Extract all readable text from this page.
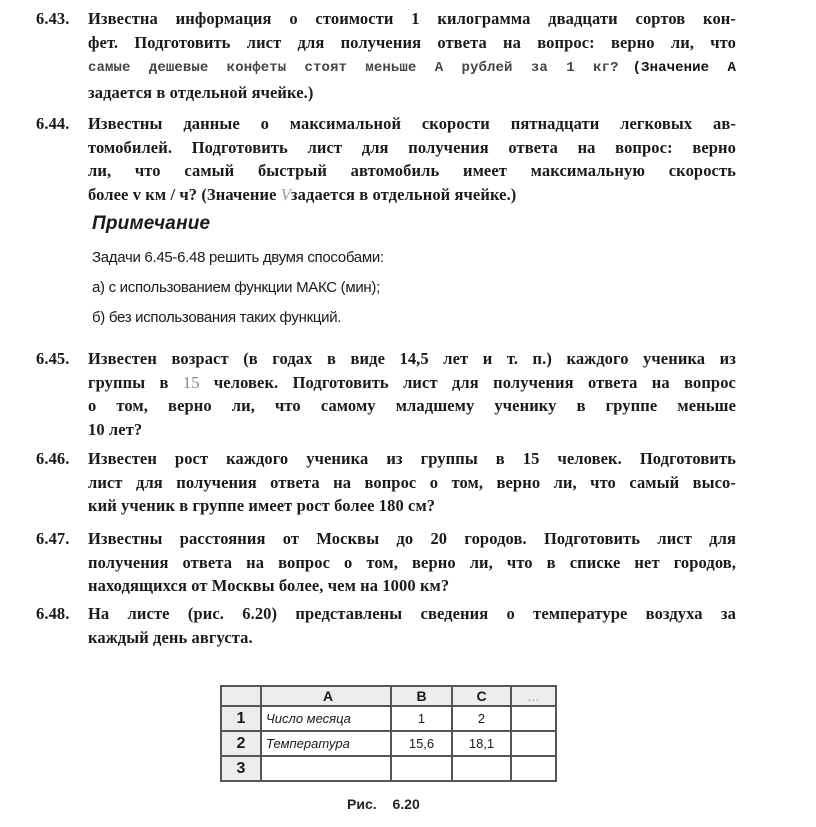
6.43. Известна информация о стоимости 1 килограмма двадцати сортов кон-
фет. Подготовить лист для получения ответа на вопрос: верно ли, что
самые дешевые конфеты стоят меньше А рублей за 1 кг? (Значение А
задается в отдельной ячейке.)
6.44. Известны данные о максимальной скорости пятнадцати легковых ав-
томобилей. Подготовить лист для получения ответа на вопрос: верно
ли, что самый быстрый автомобиль имеет максимальную скорость
более v км / ч? (Значение Vзадается в отдельной ячейке.)
Примечание
Задачи 6.45-6.48 решить двумя способами:
а) с использованием функции МАКС (мин);
б) без использования таких функций.
6.45. Известен возраст (в годах в виде 14,5 лет и т. п.) каждого ученика из
группы в 15 человек. Подготовить лист для получения ответа на вопрос
о том, верно ли, что самому младшему ученику в группе меньше
10 лет?
6.46. Известен рост каждого ученика из группы в 15 человек. Подготовить
лист для получения ответа на вопрос о том, верно ли, что самый высо-
кий ученик в группе имеет рост более 180 см?
6.47. Известны расстояния от Москвы до 20 городов. Подготовить лист для
получения ответа на вопрос о том, верно ли, что в списке нет городов,
находящихся от Москвы более, чем на 1000 км?
6.48. На листе (рис. 6.20) представлены сведения о температуре воздуха за
каждый день августа.
	A	B	C	...
1	Число месяца	1	2	
2	Температура	15,6	18,1	
3				
Рис. 6.20
